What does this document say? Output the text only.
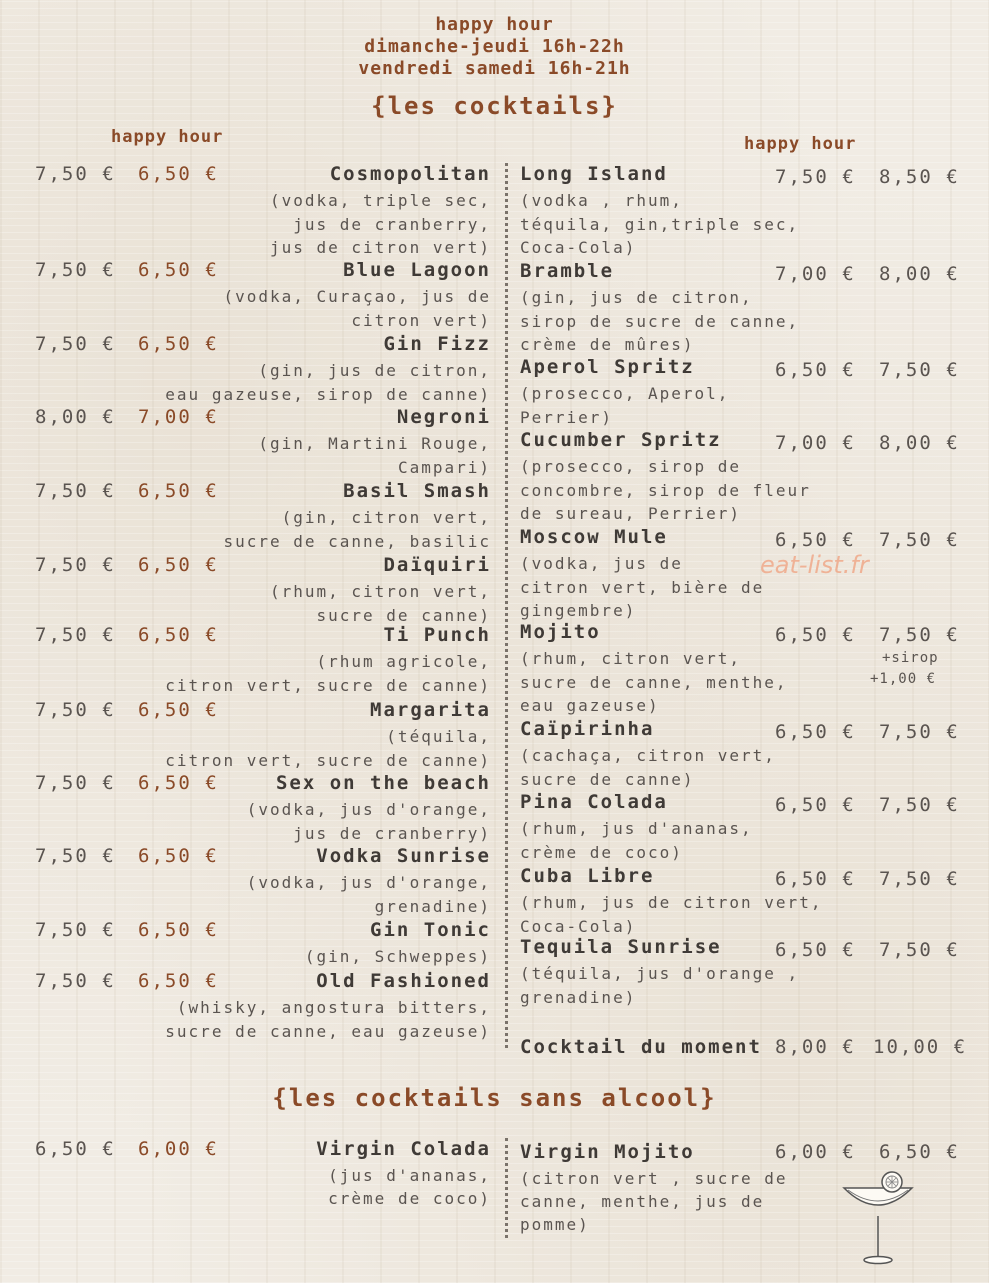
happy hour
dimanche-jeudi 16h-22h
vendredi samedi 16h-21h
{les cocktails}
happy hour	happy hour
7,50 € 6,50 €	Cosmopolitan
(vodka, triple sec,
jus de cranberry,
jus de citron vert)
7,50 € 6,50 €	Blue Lagoon
(vodka, Curaçao, jus de
citron vert)
7,50 € 6,50 €	Gin Fizz
(gin, jus de citron,
eau gazeuse, sirop de canne)
8,00 € 7,00 €	Negroni
(gin, Martini Rouge,
Campari)
7,50 € 6,50 €	Basil Smash
(gin, citron vert,
sucre de canne, basilic
7,50 € 6,50 €	Daïquiri
(rhum, citron vert,
sucre de canne)
7,50 € 6,50 €	Ti Punch
(rhum agricole,
citron vert, sucre de canne)
7,50 € 6,50 €	Margarita
(téquila,
citron vert, sucre de canne)
7,50 € 6,50 €	Sex on the beach
(vodka, jus d'orange,
jus de cranberry)
7,50 € 6,50 €	Vodka Sunrise
(vodka, jus d'orange,
grenadine)
7,50 € 6,50 €	Gin Tonic
(gin, Schweppes)
7,50 € 6,50 €	Old Fashioned
(whisky, angostura bitters,
sucre de canne, eau gazeuse)
Long Island	7,50 € 8,50 €
(vodka , rhum,
téquila, gin,triple sec,
Coca-Cola)
Bramble	7,00 € 8,00 €
(gin, jus de citron,
sirop de sucre de canne,
crème de mûres)
Aperol Spritz	6,50 € 7,50 €
(prosecco, Aperol,
Perrier)
Cucumber Spritz	7,00 € 8,00 €
(prosecco, sirop de
concombre, sirop de fleur
de sureau, Perrier)
Moscow Mule	6,50 € 7,50 €
(vodka, jus de
citron vert, bière de
gingembre)
Mojito	6,50 € 7,50 €
(rhum, citron vert,
sucre de canne, menthe,
eau gazeuse)
+sirop
+1,00 €
Caïpirinha	6,50 € 7,50 €
(cachaça, citron vert,
sucre de canne)
Pina Colada	6,50 € 7,50 €
(rhum, jus d'ananas,
crème de coco)
Cuba Libre	6,50 € 7,50 €
(rhum, jus de citron vert,
Coca-Cola)
Tequila Sunrise	6,50 € 7,50 €
(téquila, jus d'orange ,
grenadine)
Cocktail du moment 8,00 € 10,00 €
{les cocktails sans alcool}
6,50 € 6,00 €	Virgin Colada
(jus d'ananas,
crème de coco)
Virgin Mojito	6,00 € 6,50 €
(citron vert , sucre de
canne, menthe, jus de
pomme)
eat-list.fr
